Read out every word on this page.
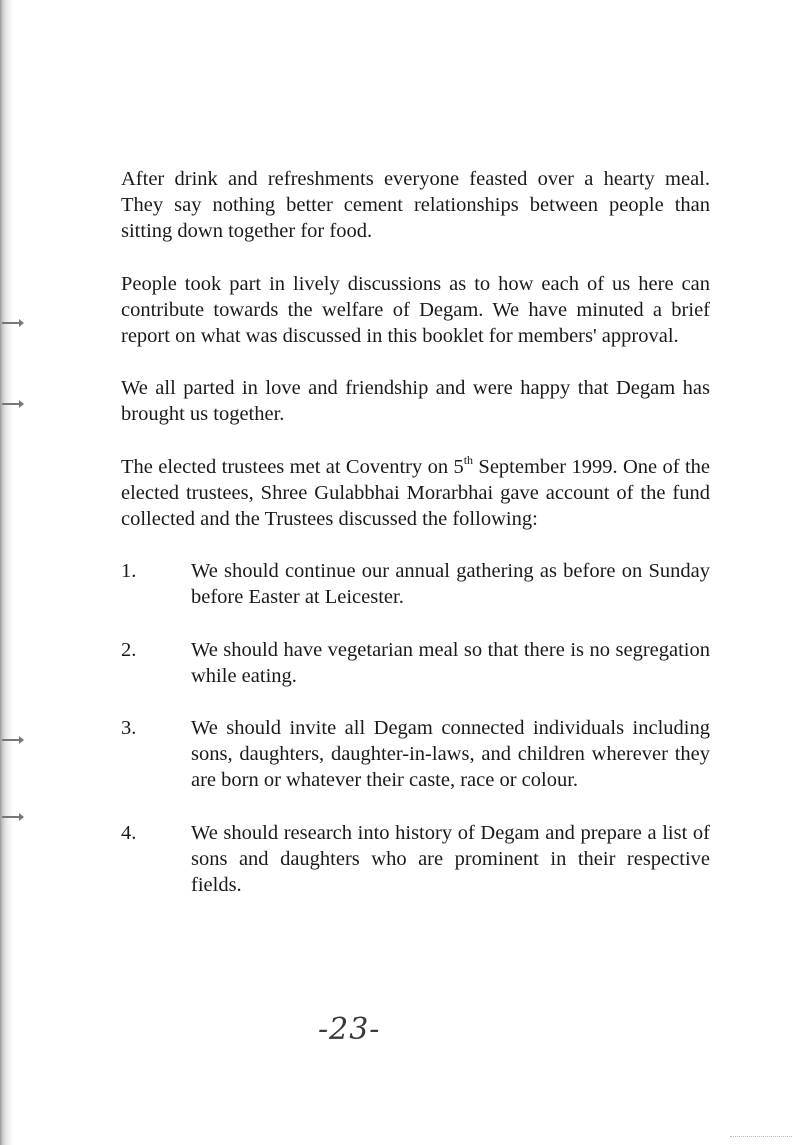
After drink and refreshments everyone feasted over a hearty meal. They say nothing better cement relationships between people than sitting down together for food.

People took part in lively discussions as to how each of us here can contribute towards the welfare of Degam. We have minuted a brief report on what was discussed in this booklet for members' approval.

We all parted in love and friendship and were happy that Degam has brought us together.

The elected trustees met at Coventry on 5th September 1999. One of the elected trustees, Shree Gulabbhai Morarbhai gave account of the fund collected and the Trustees discussed the following:

1.	We should continue our annual gathering as before on Sunday before Easter at Leicester.
2.	We should have vegetarian meal so that there is no segregation while eating.
3.	We should invite all Degam connected individuals including sons, daughters, daughter-in-laws, and children wherever they are born or whatever their caste, race or colour.
4.	We should research into history of Degam and prepare a list of sons and daughters who are prominent in their respective fields.
-23-
